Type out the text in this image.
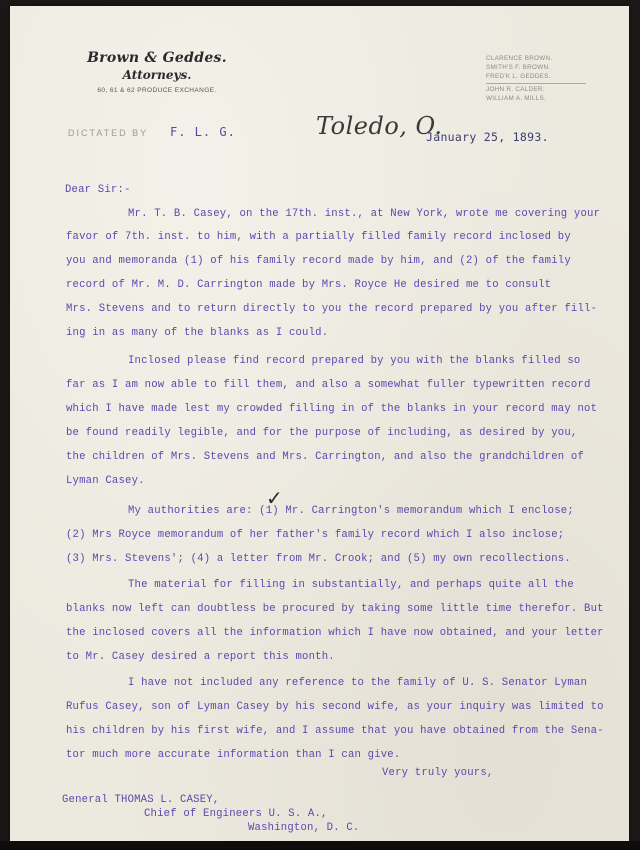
Brown & Geddes.
Attorneys.
60, 61 & 62 PRODUCE EXCHANGE.
CLARENCE BROWN.
SMITH'S F. BROWN.
FRED'K L. GEDDES.
JOHN R. CALDER.
WILLIAM A. MILLS.
DICTATED BY F. L. G.	Toledo, O.
January 25, 1893.
Dear Sir:-
Mr. T. B. Casey, on the 17th. inst., at New York, wrote me covering your
favor of 7th. inst. to him, with a partially filled family record inclosed by
you and memoranda (1) of his family record made by him, and (2) of the family
record of Mr. M. D. Carrington made by Mrs. Royce He desired me to consult
Mrs. Stevens and to return directly to you the record prepared by you after fill-
ing in as many of the blanks as I could.
Inclosed please find record prepared by you with the blanks filled so
far as I am now able to fill them, and also a somewhat fuller typewritten record
which I have made lest my crowded filling in of the blanks in your record may not
be found readily legible, and for the purpose of including, as desired by you,
the children of Mrs. Stevens and Mrs. Carrington, and also the grandchildren of
Lyman Casey.
✓
My authorities are: (1) Mr. Carrington's memorandum which I enclose;
(2) Mrs Royce memorandum of her father's family record which I also inclose;
(3) Mrs. Stevens'; (4) a letter from Mr. Crook; and (5) my own recollections.
The material for filling in substantially, and perhaps quite all the
blanks now left can doubtless be procured by taking some little time therefor. But
the inclosed covers all the information which I have now obtained, and your letter
to Mr. Casey desired a report this month.
I have not included any reference to the family of U. S. Senator Lyman
Rufus Casey, son of Lyman Casey by his second wife, as your inquiry was limited to
his children by his first wife, and I assume that you have obtained from the Sena-
tor much more accurate information than I can give.
Very truly yours,
General THOMAS L. CASEY,
Chief of Engineers U. S. A.,
Washington, D. C.
